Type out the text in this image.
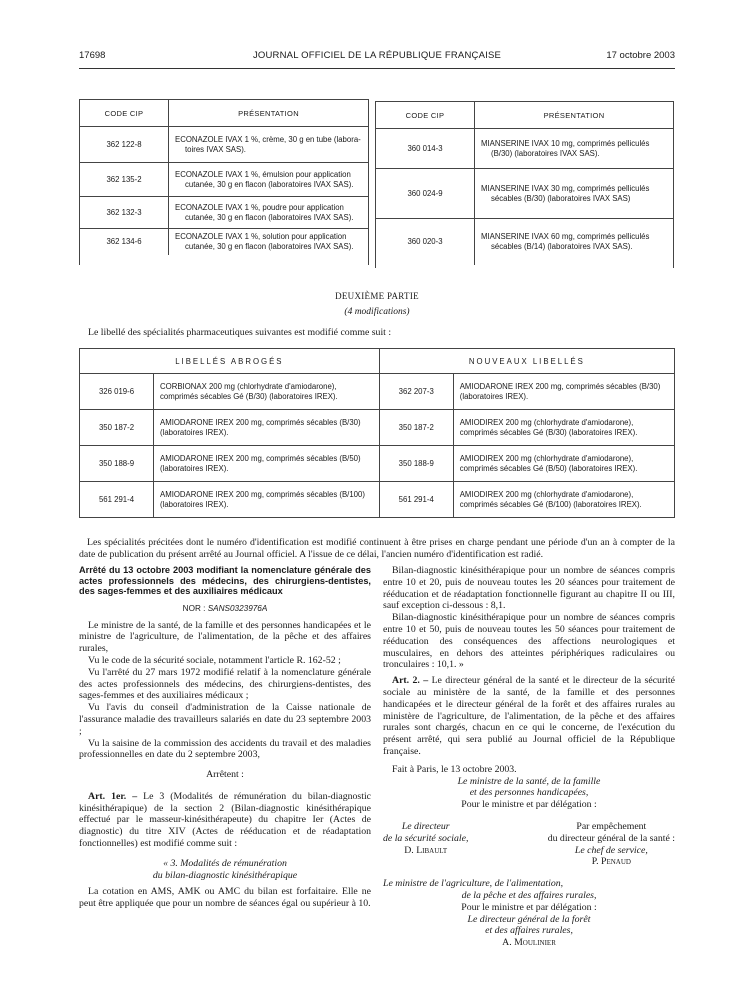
17698	JOURNAL OFFICIEL DE LA RÉPUBLIQUE FRANÇAISE	17 octobre 2003
CODE CIP	PRÉSENTATION
362 122-8	ECONAZOLE IVAX 1 %, crème, 30 g en tube (labora-
toires IVAX SAS).

362 135-2	ECONAZOLE IVAX 1 %, émulsion pour application
cutanée, 30 g en flacon (laboratoires IVAX SAS).

362 132-3	ECONAZOLE IVAX 1 %, poudre pour application
cutanée, 30 g en flacon (laboratoires IVAX SAS).

362 134-6	ECONAZOLE IVAX 1 %, solution pour application
cutanée, 30 g en flacon (laboratoires IVAX SAS).
CODE CIP	PRÉSENTATION
360 014-3	MIANSERINE IVAX 10 mg, comprimés pelliculés
(B/30) (laboratoires IVAX SAS).

360 024-9	MIANSERINE IVAX 30 mg, comprimés pelliculés
sécables (B/30) (laboratoires IVAX SAS)

360 020-3	MIANSERINE IVAX 60 mg, comprimés pelliculés
sécables (B/14) (laboratoires IVAX SAS).
DEUXIÈME PARTIE
(4 modifications)
Le libellé des spécialités pharmaceutiques suivantes est modifié comme suit :
LIBELLÉS ABROGÉS		NOUVEAUX LIBELLÉS	
326 019-6	CORBIONAX 200 mg (chlorhydrate d'amiodarone),
comprimés sécables Gé (B/30) (laboratoires IREX).	362 207-3	AMIODARONE IREX 200 mg, comprimés sécables (B/30)
(laboratoires IREX).
350 187-2	AMIODARONE IREX 200 mg, comprimés sécables (B/30)
(laboratoires IREX).	350 187-2	AMIODIREX 200 mg (chlorhydrate d'amiodarone),
comprimés sécables Gé (B/30) (laboratoires IREX).
350 188-9	AMIODARONE IREX 200 mg, comprimés sécables (B/50)
(laboratoires IREX).	350 188-9	AMIODIREX 200 mg (chlorhydrate d'amiodarone),
comprimés sécables Gé (B/50) (laboratoires IREX).
561 291-4	AMIODARONE IREX 200 mg, comprimés sécables (B/100)
(laboratoires IREX).	561 291-4	AMIODIREX 200 mg (chlorhydrate d'amiodarone),
comprimés sécables Gé (B/100) (laboratoires IREX).
Les spécialités précitées dont le numéro d'identification est modifié continuent à être prises en charge pendant une période d'un an à compter de la date de publication du présent arrêté au Journal officiel. A l'issue de ce délai, l'ancien numéro d'identification est radié.

Arrêté du 13 octobre 2003 modifiant la nomenclature générale des actes professionnels des médecins, des chirurgiens-dentistes, des sages-femmes et des auxiliaires médicaux

NOR : SANS0323976A

Le ministre de la santé, de la famille et des personnes handicapées et le ministre de l'agriculture, de l'alimentation, de la pêche et des affaires rurales,

Vu le code de la sécurité sociale, notamment l'article R. 162-52 ;

Vu l'arrêté du 27 mars 1972 modifié relatif à la nomenclature générale des actes professionnels des médecins, des chirurgiens-dentistes, des sages-femmes et des auxiliaires médicaux ;

Vu l'avis du conseil d'administration de la Caisse nationale de l'assurance maladie des travailleurs salariés en date du 23 septembre 2003 ;

Vu la saisine de la commission des accidents du travail et des maladies professionnelles en date du 2 septembre 2003,

Arrêtent :

Art. 1er. – Le 3 (Modalités de rémunération du bilan-diagnostic kinésithérapique) de la section 2 (Bilan-diagnostic kinésithérapique effectué par le masseur-kinésithérapeute) du chapitre Ier (Actes de diagnostic) du titre XIV (Actes de rééducation et de réadaptation fonctionnelles) est modifié comme suit :

« 3. Modalités de rémunération

du bilan-diagnostic kinésithérapique

La cotation en AMS, AMK ou AMC du bilan est forfaitaire. Elle ne peut être appliquée que pour un nombre de séances égal ou supérieur à 10.

Bilan-diagnostic kinésithérapique pour un nombre de séances compris entre 10 et 20, puis de nouveau toutes les 20 séances pour traitement de rééducation et de réadaptation fonctionnelle figurant au chapitre II ou III, sauf exception ci-dessous : 8,1.

Bilan-diagnostic kinésithérapique pour un nombre de séances compris entre 10 et 50, puis de nouveau toutes les 50 séances pour traitement de rééducation des conséquences des affections neurologiques et musculaires, en dehors des atteintes périphériques radiculaires ou tronculaires : 10,1. »

Art. 2. – Le directeur général de la santé et le directeur de la sécurité sociale au ministère de la santé, de la famille et des personnes handicapées et le directeur général de la forêt et des affaires rurales au ministère de l'agriculture, de l'alimentation, de la pêche et des affaires rurales sont chargés, chacun en ce qui le concerne, de l'exécution du présent arrêté, qui sera publié au Journal officiel de la République française.

Fait à Paris, le 13 octobre 2003.

Le ministre de la santé, de la famille

et des personnes handicapées,

Pour le ministre et par délégation :

Le directeur
de la sécurité sociale,
D. Libault
Par empêchement
du directeur général de la santé :
Le chef de service,
P. Penaud

Le ministre de l'agriculture, de l'alimentation,

de la pêche et des affaires rurales,

Pour le ministre et par délégation :

Le directeur général de la forêt

et des affaires rurales,

A. Moulinier
